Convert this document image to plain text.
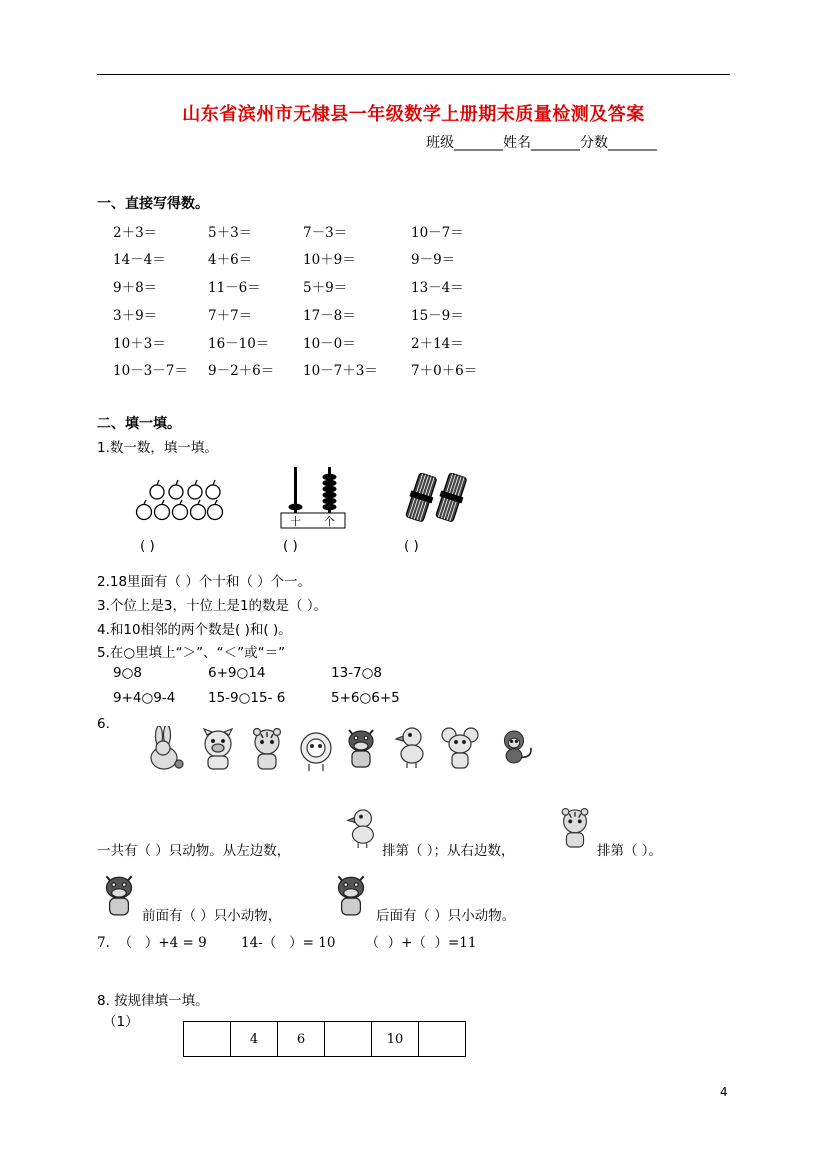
山东省滨州市无棣县一年级数学上册期末质量检测及答案
班级_______姓名_______分数_______
一、直接写得数。
2＋3＝	5＋3＝	7－3＝	10－7＝
14－4＝	4＋6＝	10＋9＝	9－9＝
9＋8＝	11－6＝	5＋9＝	13－4＝
3＋9＝	7＋7＝	17－8＝	15－9＝
10＋3＝	16－10＝ 10－0＝	2＋14＝
10－3－7＝ 9－2＋6＝ 10－7＋3＝ 7＋0＋6＝
二、填一填。
1.数一数，填一填。
十 个
( )	( )	( )
2.18里面有（ ）个十和（ ）个一。
3.个位上是3，十位上是1的数是（ ）。
4.和10相邻的两个数是( )和( )。
5.在○里填上“＞”、“＜”或“＝”
9○8	6+9○14	13-7○8
9+4○9-4 15-9○15- 6	5+6○6+5
6.
一共有（ ）只动物。从左边数，	排第（ ）；从右边数，	排第（ ）。
前面有（ ）只小动物，	后面有（ ）只小动物。
7.  （   ）+4 = 9        14-（   ）= 10       （  ）+（  ）=11
8. 按规律填一填。
（1）
	4	6		10	
4
